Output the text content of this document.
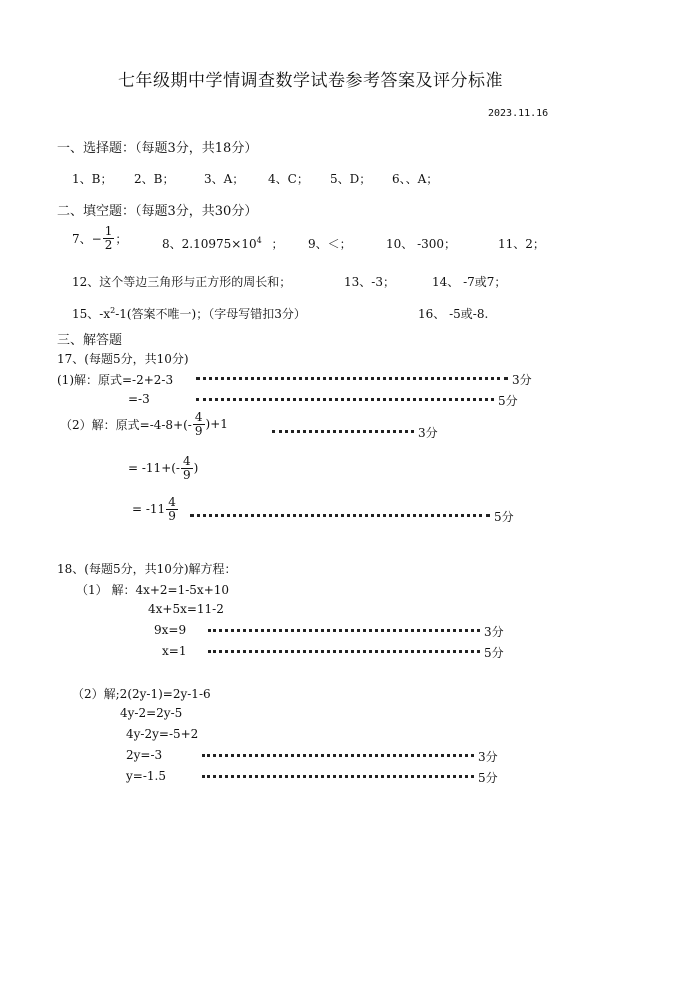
七年级期中学情调查数学试卷参考答案及评分标准
2023.11.16
一、选择题：（每题3分，共18分）
1、B； 2、B； 3、A； 4、C； 5、D； 6、、A；
二、填空题：（每题3分，共30分）
7、− $\frac{1}{2}$ ；	8、$2.10975\times 10^4$ ； 9、＜；	10、 -300；	11、2；
12、这个等边三角形与正方形的周长和；	13、-3；	14、 -7或7；
15、$-x^2-1$(答案不唯一)；（字母写错扣3分）	16、 -5或-8.
三、解答题
17、(每题5分，共10分)
(1)解：原式=-2+2-3	3分
=-3	5分
（2）解：原式$=-4-8+(- \frac{4}{9} )+1$
3分
= $-11+(- \frac{4}{9}$ )
= $-11 \frac{4}{9}$	5分
18、(每题5分，共10分)解方程：
（1） 解：4x+2=1-5x+10
4x+5x=11-2
9x=9	3分
x=1	5分
（2）解;2(2y-1)=2y-1-6
4y-2=2y-5
4y-2y=-5+2
2y=-3	3分
y=-1.5	5分
